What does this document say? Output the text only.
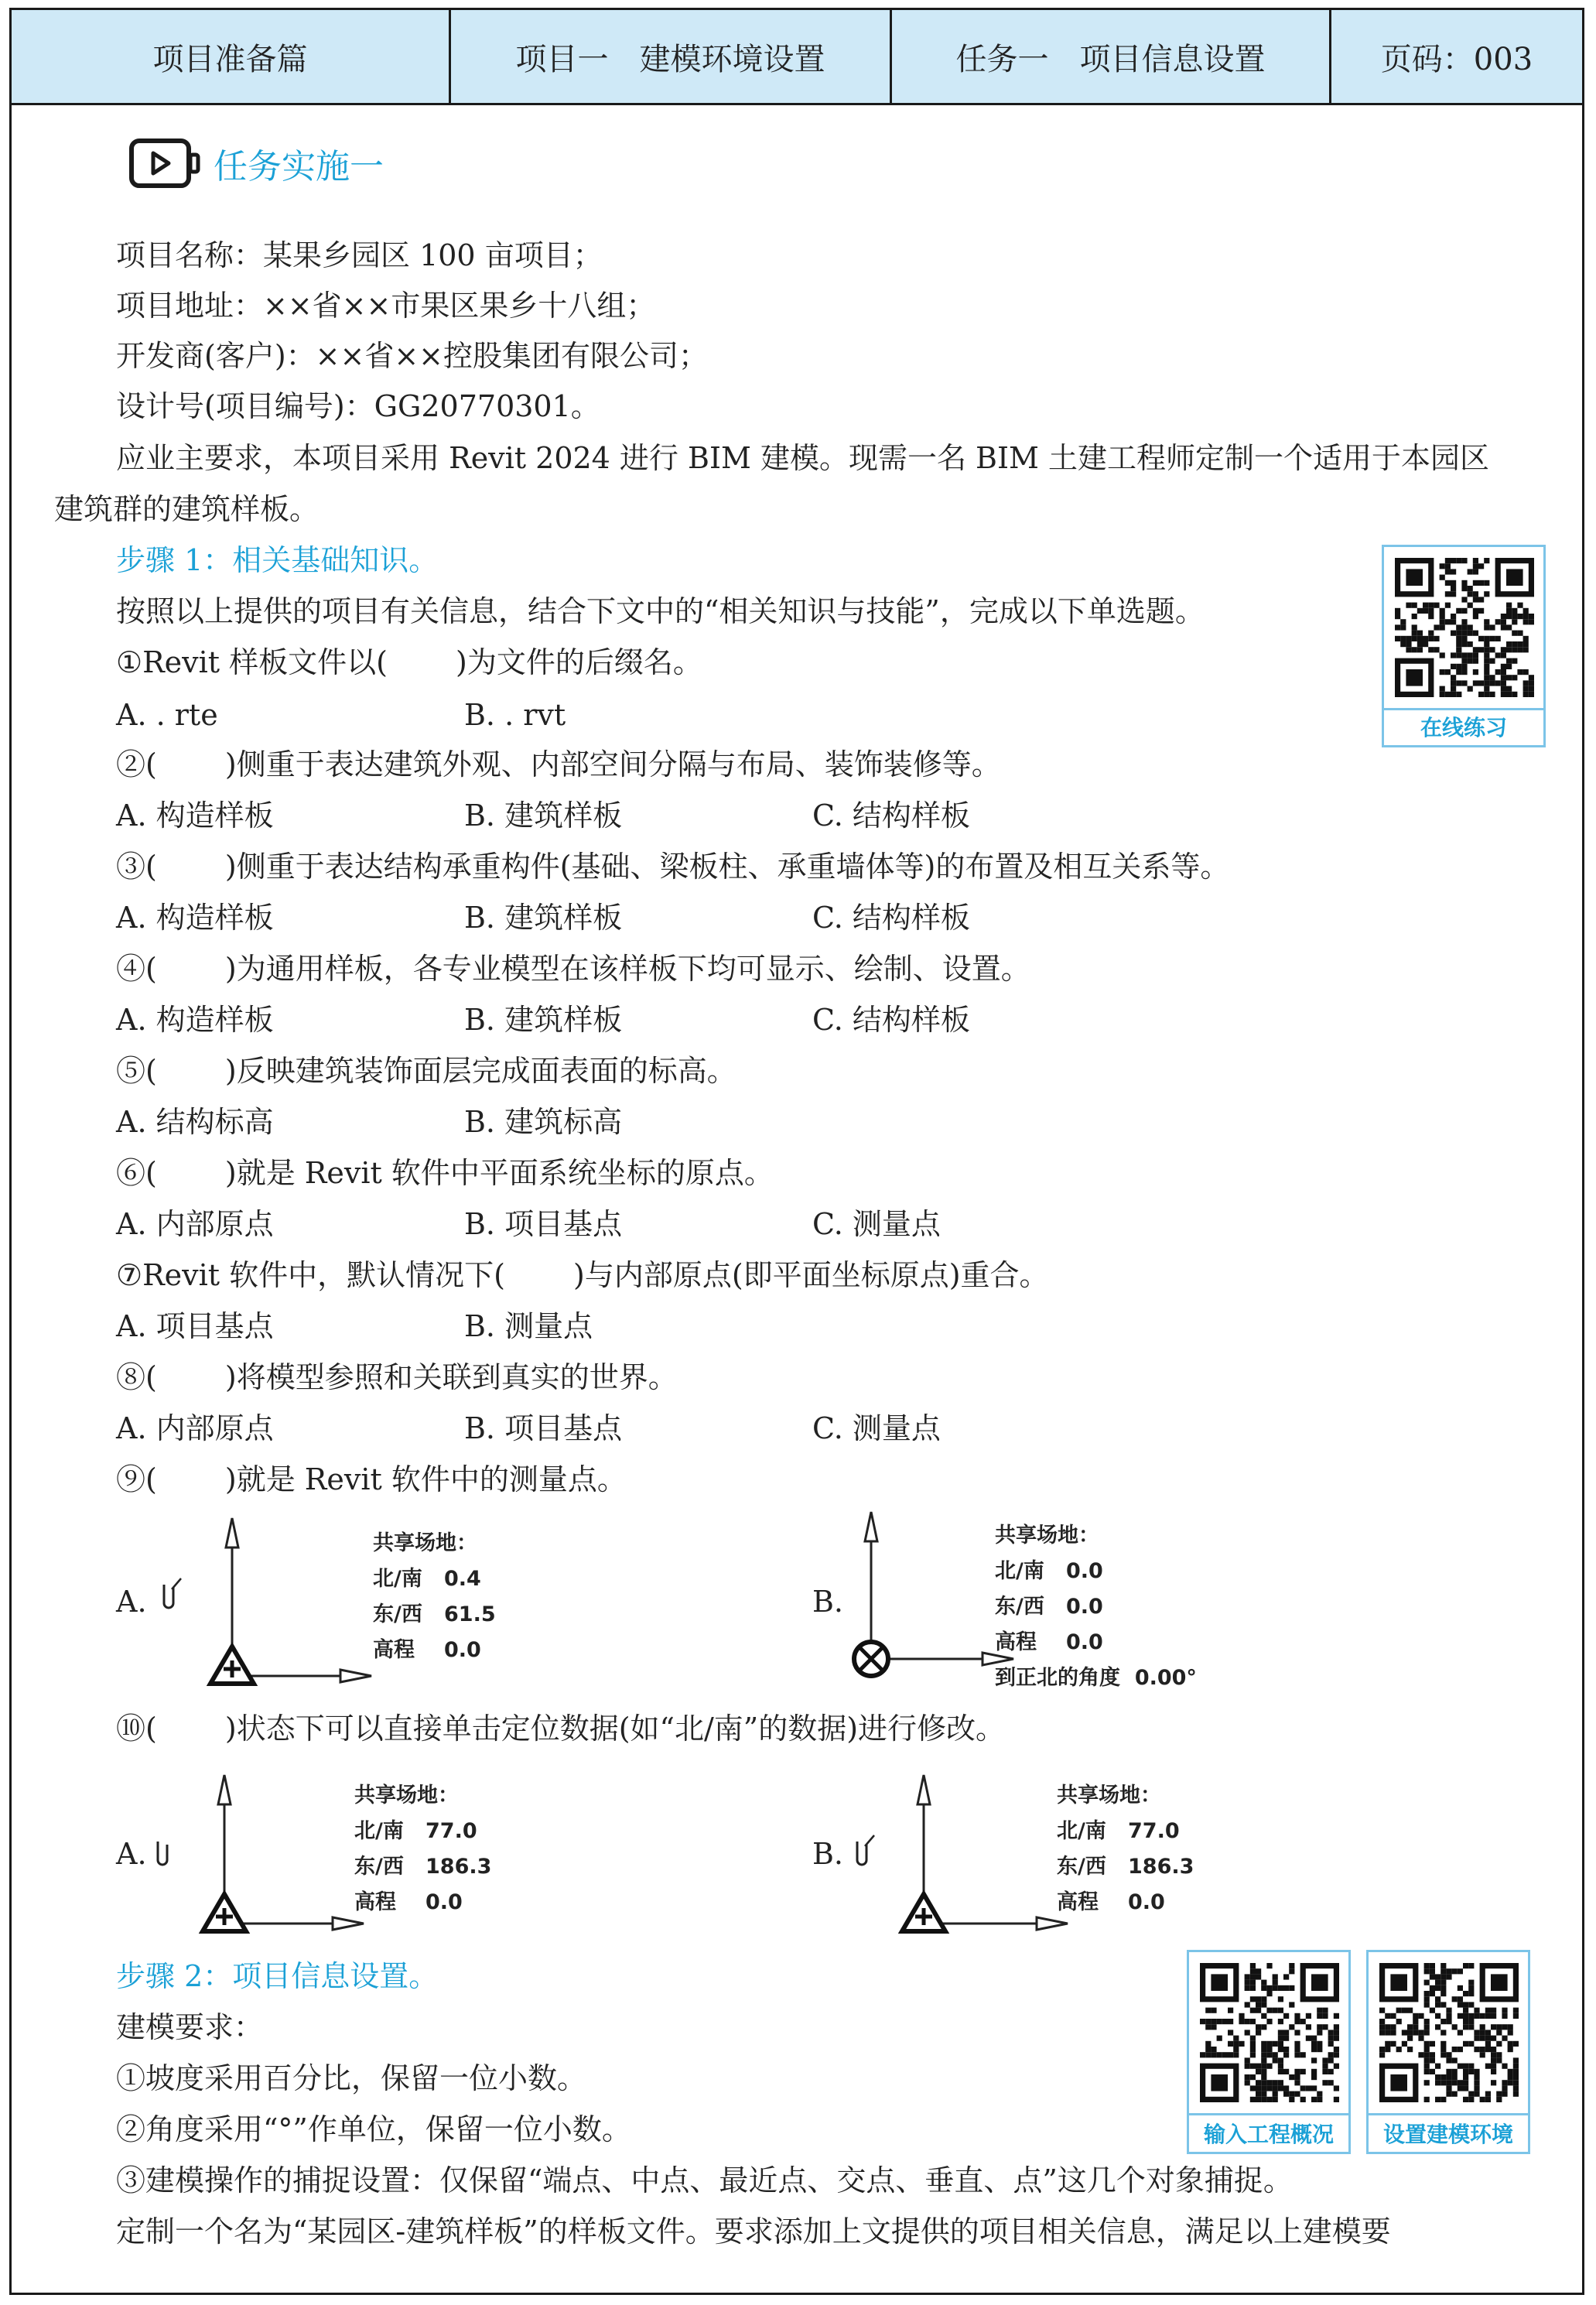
项目准备篇	项目一　建模环境设置	任务一　项目信息设置	页码：003
任务实施一
项目名称：某果乡园区 100 亩项目；
项目地址：××省××市果区果乡十八组；
开发商(客户)：××省××控股集团有限公司；
设计号(项目编号)：GG20770301。
应业主要求，本项目采用 Revit 2024 进行 BIM 建模。现需一名 BIM 土建工程师定制一个适用于本园区
建筑群的建筑样板。
步骤 1：相关基础知识。
按照以上提供的项目有关信息，结合下文中的“相关知识与技能”，完成以下单选题。
①Revit 样板文件以(　　 )为文件的后缀名。
A. . rte	B. . rvt
②(　　 )侧重于表达建筑外观、内部空间分隔与布局、装饰装修等。
A. 构造样板	B. 建筑样板	C. 结构样板
③(　　 )侧重于表达结构承重构件(基础、梁板柱、承重墙体等)的布置及相互关系等。
A. 构造样板	B. 建筑样板	C. 结构样板
④(　　 )为通用样板，各专业模型在该样板下均可显示、绘制、设置。
A. 构造样板	B. 建筑样板	C. 结构样板
⑤(　　 )反映建筑装饰面层完成面表面的标高。
A. 结构标高	B. 建筑标高
⑥(　　 )就是 Revit 软件中平面系统坐标的原点。
A. 内部原点	B. 项目基点	C. 测量点
⑦Revit 软件中，默认情况下(　　 )与内部原点(即平面坐标原点)重合。
A. 项目基点	B. 测量点
⑧(　　 )将模型参照和关联到真实的世界。
A. 内部原点	B. 项目基点	C. 测量点
⑨(　　 )就是 Revit 软件中的测量点。
A.
共享场地：
北/南 0.4
东/西 61.5
高程 0.0
B.
共享场地：
北/南 0.0
东/西 0.0
高程 0.0
到正北的角度 0.00°
⑩(　　 )状态下可以直接单击定位数据(如“北/南”的数据)进行修改。
A.
共享场地：
北/南 77.0
东/西 186.3
高程 0.0
B.
共享场地：
北/南 77.0
东/西 186.3
高程 0.0
步骤 2：项目信息设置。
建模要求：
①坡度采用百分比，保留一位小数。
②角度采用“°”作单位，保留一位小数。
③建模操作的捕捉设置：仅保留“端点、中点、最近点、交点、垂直、点”这几个对象捕捉。
定制一个名为“某园区-建筑样板”的样板文件。要求添加上文提供的项目相关信息，满足以上建模要
在线练习
输入工程概况	设置建模环境
